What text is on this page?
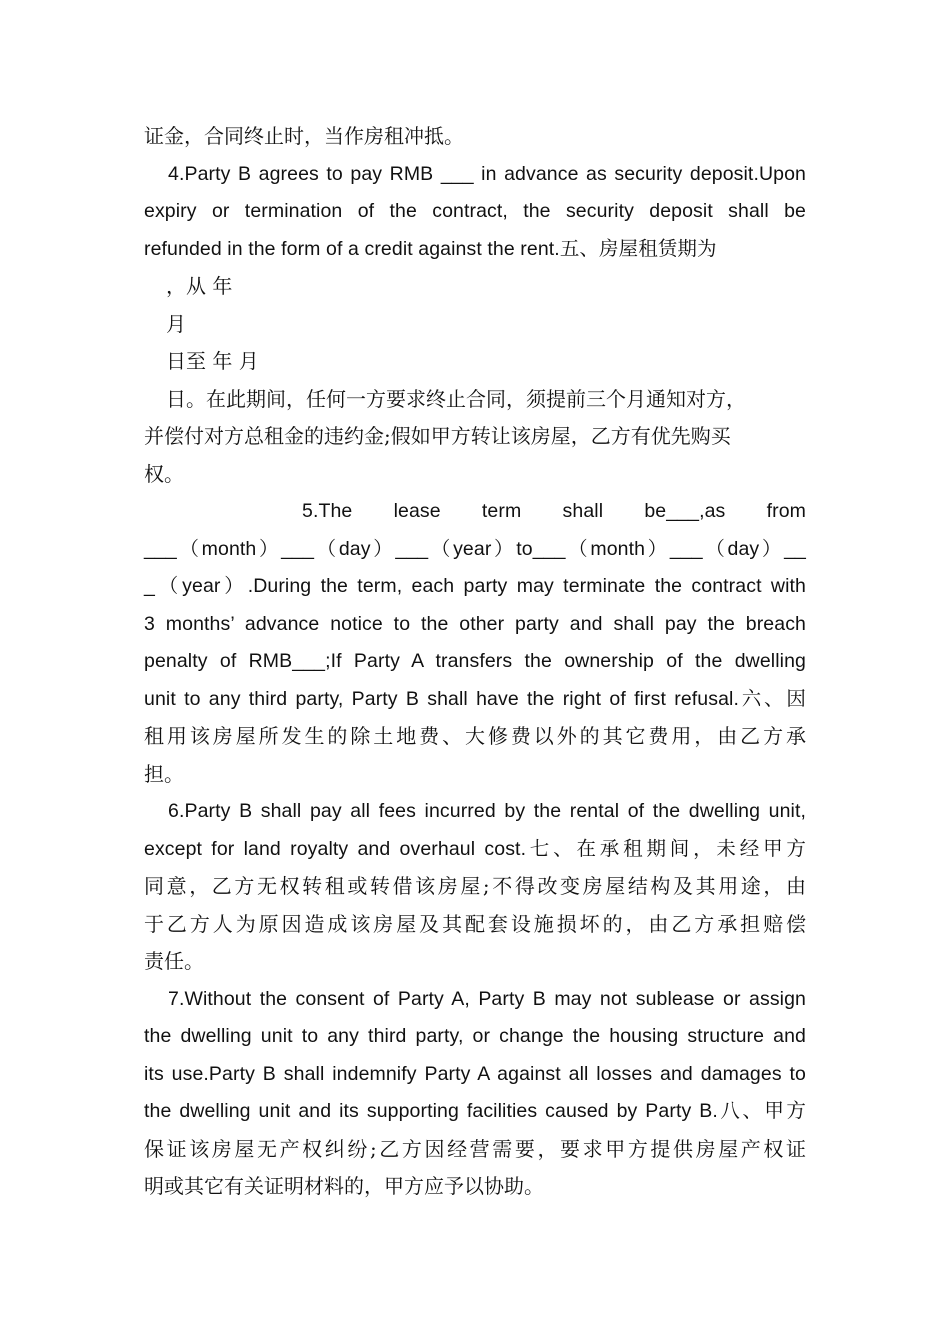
证金，合同终止时，当作房租冲抵。
4.Party B agrees to pay RMB ___ in advance as security deposit.Upon
expiry or termination of the contract, the security deposit shall be
refunded in the form of a credit against the rent.五、房屋租赁期为
，从 年
月
日至 年 月
日。在此期间，任何一方要求终止合同，须提前三个月通知对方，
并偿付对方总租金的违约金;假如甲方转让该房屋，乙方有优先购买
权。
5.The lease term shall be___,as from
___（month）___（day）___（year）to___（month）___（day）__
_（year）.During the term, each party may terminate the contract with
3 months’ advance notice to the other party and shall pay the breach
penalty of RMB___;If Party A transfers the ownership of the dwelling
unit to any third party, Party B shall have the right of first refusal.六、因
租用该房屋所发生的除土地费、大修费以外的其它费用，由乙方承
担。
6.Party B shall pay all fees incurred by the rental of the dwelling unit,
except for land royalty and overhaul cost.七、在承租期间，未经甲方
同意，乙方无权转租或转借该房屋;不得改变房屋结构及其用途，由
于乙方人为原因造成该房屋及其配套设施损坏的，由乙方承担赔偿
责任。
7.Without the consent of Party A, Party B may not sublease or assign
the dwelling unit to any third party, or change the housing structure and
its use.Party B shall indemnify Party A against all losses and damages to
the dwelling unit and its supporting facilities caused by Party B.八、甲方
保证该房屋无产权纠纷;乙方因经营需要，要求甲方提供房屋产权证
明或其它有关证明材料的，甲方应予以协助。
